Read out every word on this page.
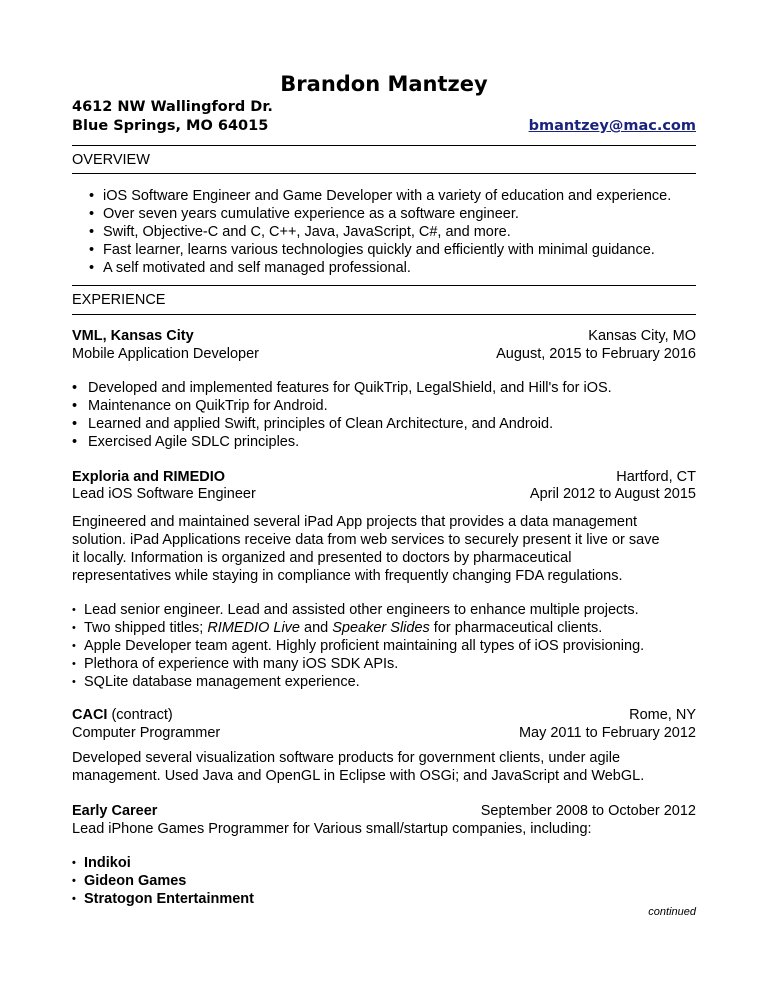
Brandon Mantzey
4612 NW Wallingford Dr.
Blue Springs, MO 64015	bmantzey@mac.com
OVERVIEW
• iOS Software Engineer and Game Developer with a variety of education and experience.
• Over seven years cumulative experience as a software engineer.
• Swift, Objective-C and C, C++, Java, JavaScript, C#, and more.
• Fast learner, learns various technologies quickly and efficiently with minimal guidance.
• A self motivated and self managed professional.
EXPERIENCE
VML, Kansas City	Kansas City, MO
Mobile Application Developer	August, 2015 to February 2016
• Developed and implemented features for QuikTrip, LegalShield, and Hill's for iOS.
• Maintenance on QuikTrip for Android.
• Learned and applied Swift, principles of Clean Architecture, and Android.
• Exercised Agile SDLC principles.
Exploria and RIMEDIO	Hartford, CT
Lead iOS Software Engineer	April 2012 to August 2015
Engineered and maintained several iPad App projects that provides a data management
solution. iPad Applications receive data from web services to securely present it live or save
it locally. Information is organized and presented to doctors by pharmaceutical
representatives while staying in compliance with frequently changing FDA regulations.
• Lead senior engineer. Lead and assisted other engineers to enhance multiple projects.
• Two shipped titles; RIMEDIO Live and Speaker Slides for pharmaceutical clients.
• Apple Developer team agent. Highly proficient maintaining all types of iOS provisioning.
• Plethora of experience with many iOS SDK APIs.
• SQLite database management experience.
CACI (contract)	Rome, NY
Computer Programmer	May 2011 to February 2012
Developed several visualization software products for government clients, under agile
management. Used Java and OpenGL in Eclipse with OSGi; and JavaScript and WebGL.
Early Career	September 2008 to October 2012
Lead iPhone Games Programmer for Various small/startup companies, including:
• Indikoi
• Gideon Games
• Stratogon Entertainment
continued
